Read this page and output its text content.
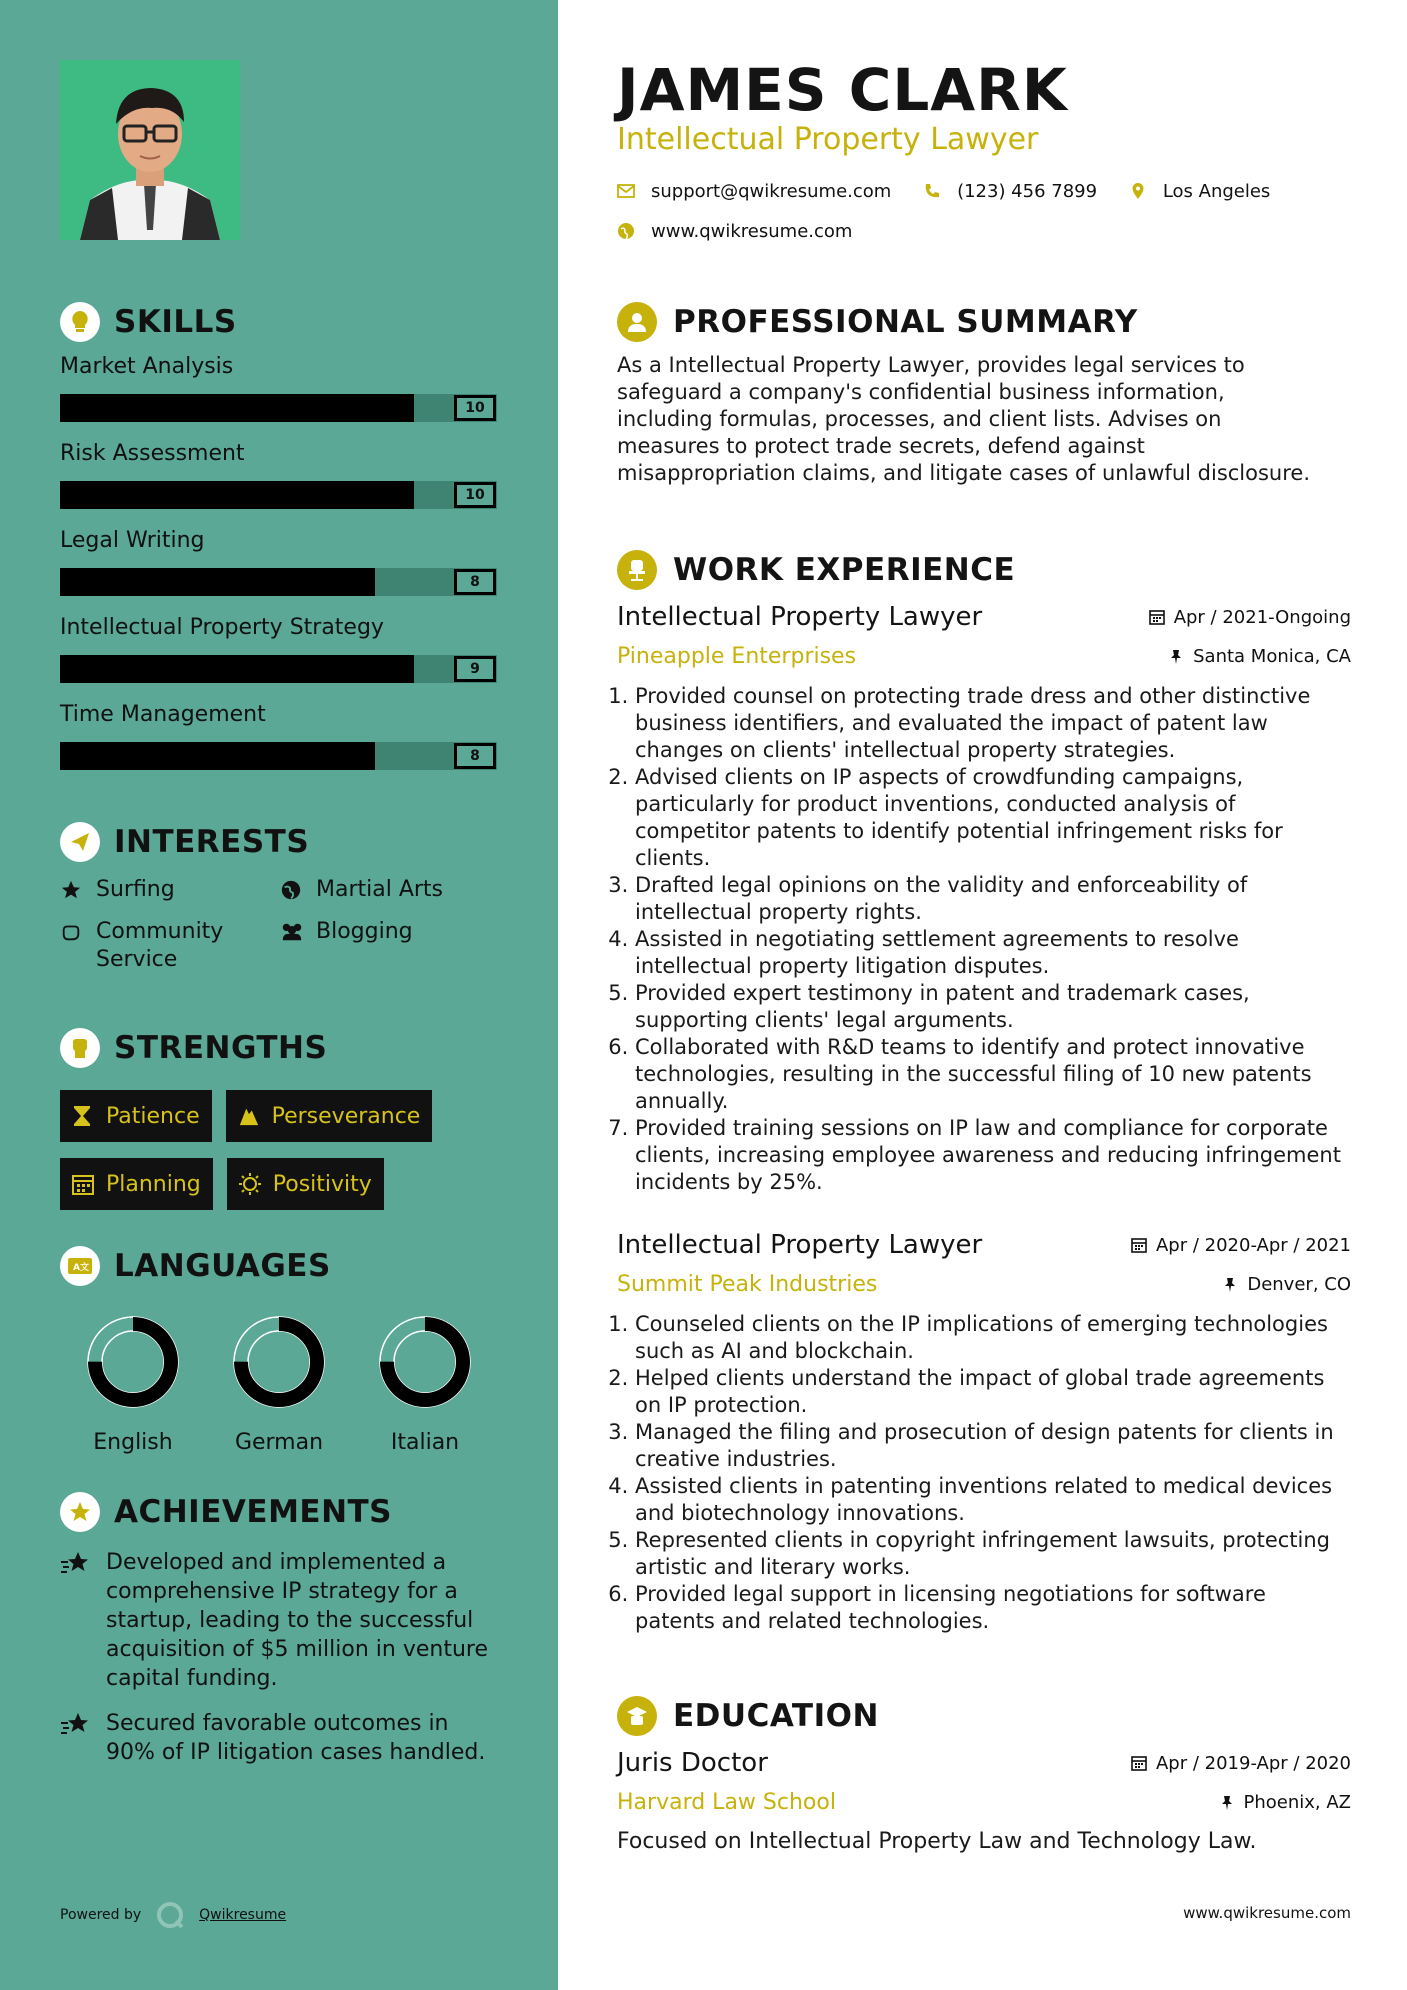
SKILLS
Market Analysis
10
Risk Assessment
10
Legal Writing
8
Intellectual Property Strategy
9
Time Management
8
INTERESTS
Surfing	Martial Arts
Community Service
Blogging
STRENGTHS
Patience	Perseverance
Planning	Positivity
A文 LANGUAGES
English	German	Italian
ACHIEVEMENTS
Developed and implemented a comprehensive IP strategy for a startup, leading to the successful acquisition of $5 million in venture capital funding.
Secured favorable outcomes in 90% of IP litigation cases handled.
Powered by	Qwikresume
JAMES CLARK
Intellectual Property Lawyer
support@qwikresume.com
	(123) 456 7899
	Los Angeles

www.qwikresume.com
PROFESSIONAL SUMMARY
As a Intellectual Property Lawyer, provides legal services to safeguard a company's confidential business information, including formulas, processes, and client lists. Advises on measures to protect trade secrets, defend against misappropriation claims, and litigate cases of unlawful disclosure.
WORK EXPERIENCE
Intellectual Property Lawyer	Apr / 2021-Ongoing
Pineapple Enterprises	Santa Monica, CA
1. Provided counsel on protecting trade dress and other distinctive business identifiers, and evaluated the impact of patent law changes on clients' intellectual property strategies.
2. Advised clients on IP aspects of crowdfunding campaigns, particularly for product inventions, conducted analysis of competitor patents to identify potential infringement risks for clients.
3. Drafted legal opinions on the validity and enforceability of intellectual property rights.
4. Assisted in negotiating settlement agreements to resolve intellectual property litigation disputes.
5. Provided expert testimony in patent and trademark cases, supporting clients' legal arguments.
6. Collaborated with R&D teams to identify and protect innovative technologies, resulting in the successful filing of 10 new patents annually.
7. Provided training sessions on IP law and compliance for corporate clients, increasing employee awareness and reducing infringement incidents by 25%.
Intellectual Property Lawyer	Apr / 2020-Apr / 2021
Summit Peak Industries	Denver, CO
1. Counseled clients on the IP implications of emerging technologies such as AI and blockchain.
2. Helped clients understand the impact of global trade agreements on IP protection.
3. Managed the filing and prosecution of design patents for clients in creative industries.
4. Assisted clients in patenting inventions related to medical devices and biotechnology innovations.
5. Represented clients in copyright infringement lawsuits, protecting artistic and literary works.
6. Provided legal support in licensing negotiations for software patents and related technologies.
EDUCATION
Juris Doctor	Apr / 2019-Apr / 2020
Harvard Law School	Phoenix, AZ
Focused on Intellectual Property Law and Technology Law.
www.qwikresume.com
